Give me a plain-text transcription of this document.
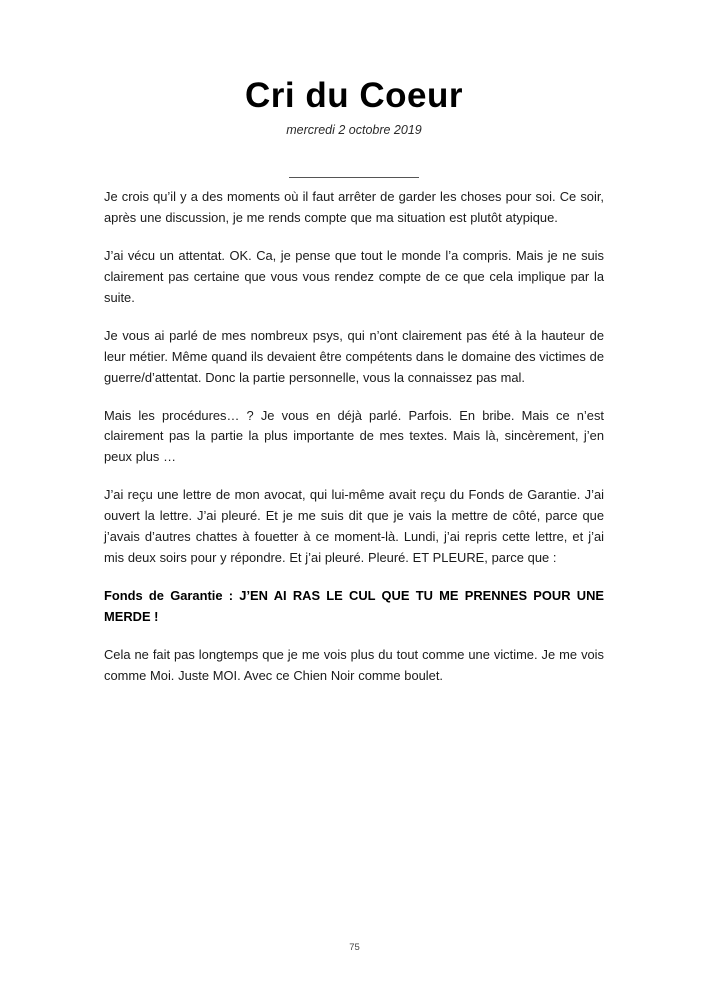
Cri du Coeur

mercredi 2 octobre 2019

Je crois qu’il y a des moments où il faut arrêter de garder les choses pour soi. Ce soir, après une discussion, je me rends compte que ma situation est plutôt atypique.

J’ai vécu un attentat. OK. Ca, je pense que tout le monde l’a compris. Mais je ne suis clairement pas certaine que vous vous rendez compte de ce que cela implique par la suite.

Je vous ai parlé de mes nombreux psys, qui n’ont clairement pas été à la hauteur de leur métier. Même quand ils devaient être compétents dans le domaine des victimes de guerre/d’attentat. Donc la partie personnelle, vous la connaissez pas mal.

Mais les procédures… ? Je vous en déjà parlé. Parfois. En bribe. Mais ce n’est clairement pas la partie la plus importante de mes textes. Mais là, sincèrement, j’en peux plus …

J’ai reçu une lettre de mon avocat, qui lui-même avait reçu du Fonds de Garantie. J’ai ouvert la lettre. J’ai pleuré. Et je me suis dit que je vais la mettre de côté, parce que j’avais d’autres chattes à fouetter à ce moment-là. Lundi, j’ai repris cette lettre, et j’ai mis deux soirs pour y répondre. Et j’ai pleuré. Pleuré. ET PLEURE, parce que :

Fonds de Garantie : J’EN AI RAS LE CUL QUE TU ME PRENNES POUR UNE MERDE !

Cela ne fait pas longtemps que je me vois plus du tout comme une victime. Je me vois comme Moi. Juste MOI. Avec ce Chien Noir comme boulet.

75
